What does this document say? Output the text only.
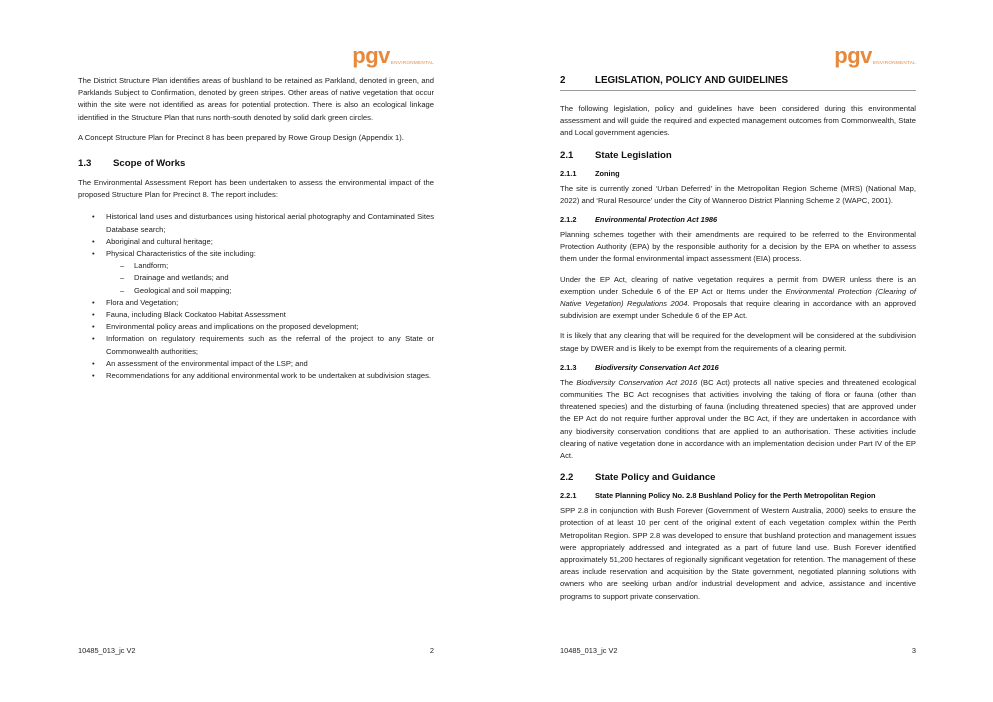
pgv ENVIRONMENTAL

The District Structure Plan identifies areas of bushland to be retained as Parkland, denoted in green, and Parklands Subject to Confirmation, denoted by green stripes. Other areas of native vegetation that occur within the site were not identified as areas for potential protection. There is also an ecological linkage identified in the Structure Plan that runs north-south denoted by solid dark green circles.

A Concept Structure Plan for Precinct 8 has been prepared by Rowe Group Design (Appendix 1).

1.3	Scope of Works

The Environmental Assessment Report has been undertaken to assess the environmental impact of the proposed Structure Plan for Precinct 8. The report includes:

• Historical land uses and disturbances using historical aerial photography and Contaminated Sites Database search;
• Aboriginal and cultural heritage;
• Physical Characteristics of the site including:
– Landform;
– Drainage and wetlands; and
– Geological and soil mapping;
• Flora and Vegetation;
• Fauna, including Black Cockatoo Habitat Assessment
• Environmental policy areas and implications on the proposed development;
• Information on regulatory requirements such as the referral of the project to any State or Commonwealth authorities;
• An assessment of the environmental impact of the LSP; and
• Recommendations for any additional environmental work to be undertaken at subdivision stages.
10485_013_jc V2	2
pgv ENVIRONMENTAL
2	LEGISLATION, POLICY AND GUIDELINES

The following legislation, policy and guidelines have been considered during this environmental assessment and will guide the required and expected management outcomes from Commonwealth, State and Local government agencies.

2.1	State Legislation
2.1.1	Zoning

The site is currently zoned ‘Urban Deferred’ in the Metropolitan Region Scheme (MRS) (National Map, 2022) and ‘Rural Resource’ under the City of Wanneroo District Planning Scheme 2 (WAPC, 2001).

2.1.2	Environmental Protection Act 1986

Planning schemes together with their amendments are required to be referred to the Environmental Protection Authority (EPA) by the responsible authority for a decision by the EPA on whether to assess them under the formal environmental impact assessment (EIA) process.

Under the EP Act, clearing of native vegetation requires a permit from DWER unless there is an exemption under Schedule 6 of the EP Act or Items under the Environmental Protection (Clearing of Native Vegetation) Regulations 2004. Proposals that require clearing in accordance with an approved subdivision are exempt under Schedule 6 of the EP Act.

It is likely that any clearing that will be required for the development will be considered at the subdivision stage by DWER and is likely to be exempt from the requirements of a clearing permit.

2.1.3	Biodiversity Conservation Act 2016

The Biodiversity Conservation Act 2016 (BC Act) protects all native species and threatened ecological communities The BC Act recognises that activities involving the taking of flora or fauna (other than threatened species) and the disturbing of fauna (including threatened species) that are approved under the EP Act do not require further approval under the BC Act, if they are undertaken in accordance with any biodiversity conservation conditions that are applied to an authorisation. These activities include clearing of native vegetation done in accordance with an implementation decision under Part IV of the EP Act.

2.2	State Policy and Guidance
2.2.1	State Planning Policy No. 2.8 Bushland Policy for the Perth Metropolitan Region

SPP 2.8 in conjunction with Bush Forever (Government of Western Australia, 2000) seeks to ensure the protection of at least 10 per cent of the original extent of each vegetation complex within the Perth Metropolitan Region. SPP 2.8 was developed to ensure that bushland protection and management issues were appropriately addressed and integrated as a part of future land use. Bush Forever identified approximately 51,200 hectares of regionally significant vegetation for retention. The management of these areas include reservation and acquisition by the State government, negotiated planning solutions with owners who are seeking urban and/or industrial development and advice, assistance and incentive programs to support private conservation.

10485_013_jc V2	3
